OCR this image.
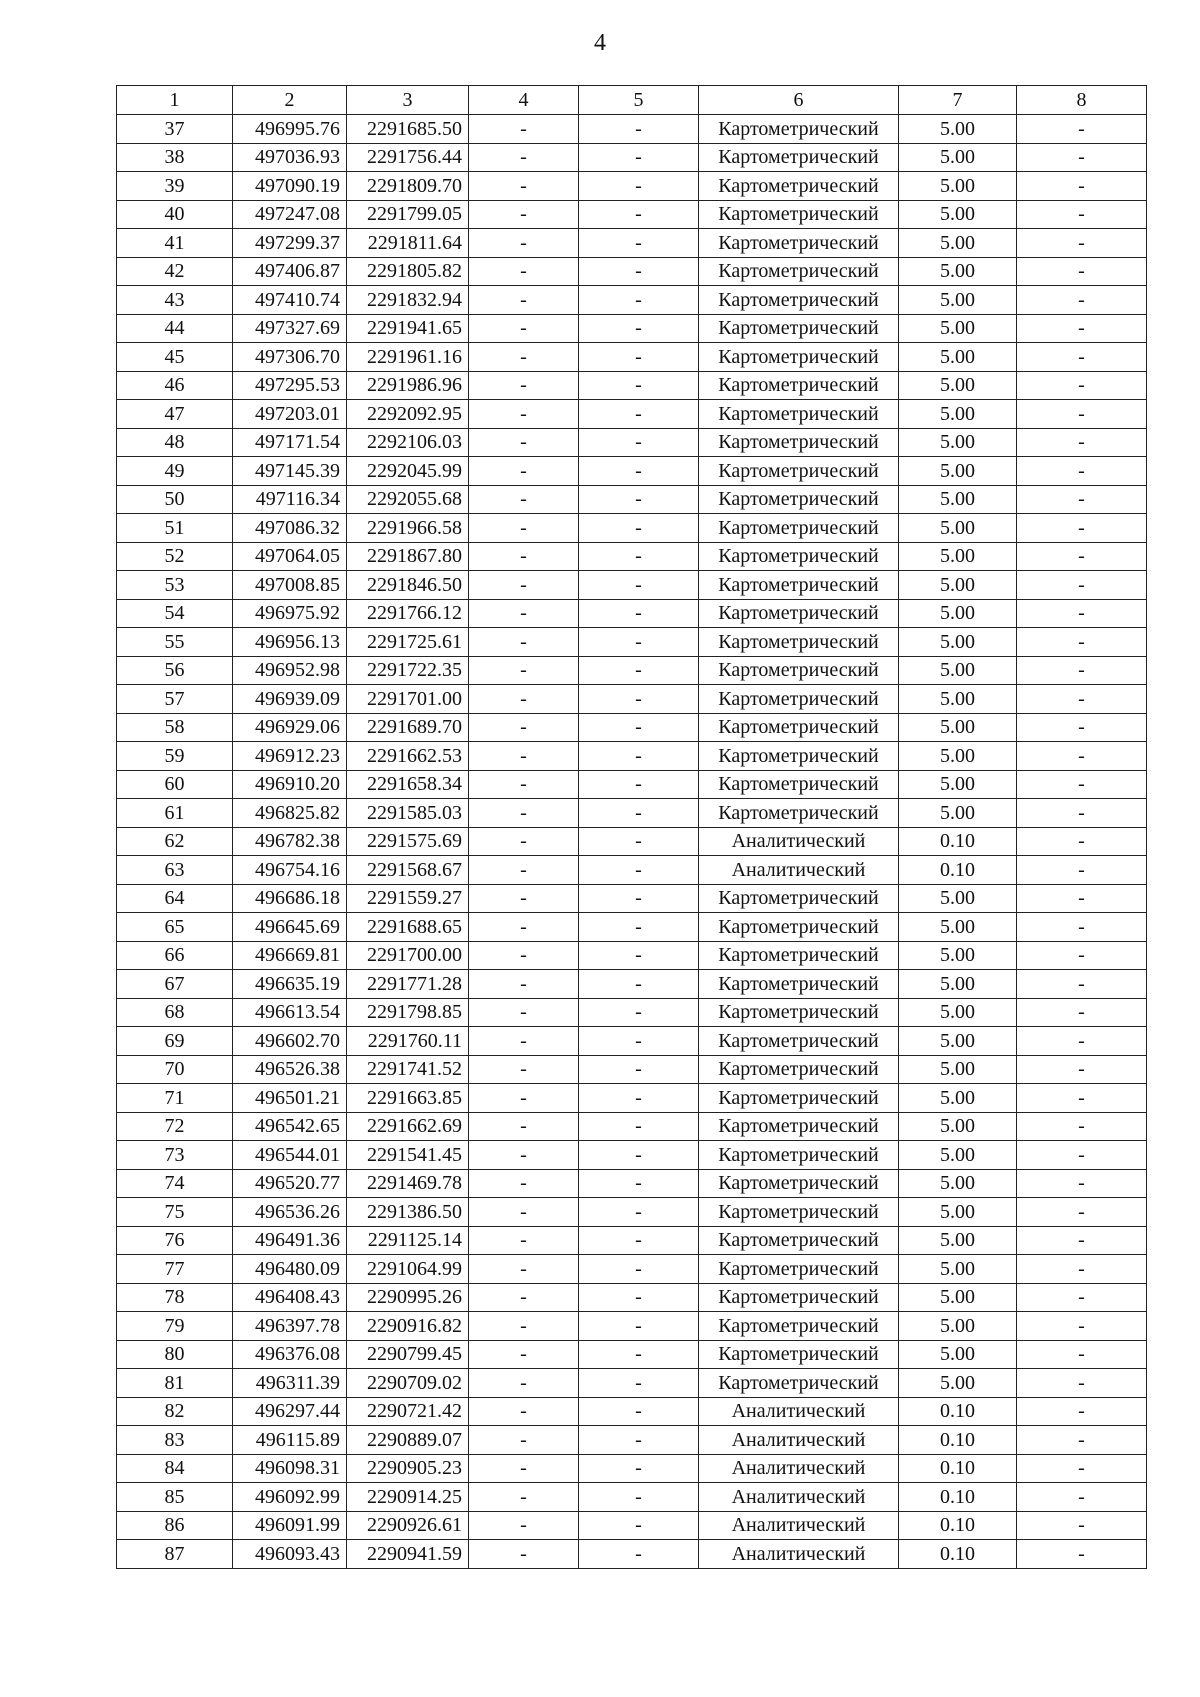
4
1	2	3	4	5	6	7	8
37	496995.76	2291685.50	-	-	Картометрический	5.00	-
38	497036.93	2291756.44	-	-	Картометрический	5.00	-
39	497090.19	2291809.70	-	-	Картометрический	5.00	-
40	497247.08	2291799.05	-	-	Картометрический	5.00	-
41	497299.37	2291811.64	-	-	Картометрический	5.00	-
42	497406.87	2291805.82	-	-	Картометрический	5.00	-
43	497410.74	2291832.94	-	-	Картометрический	5.00	-
44	497327.69	2291941.65	-	-	Картометрический	5.00	-
45	497306.70	2291961.16	-	-	Картометрический	5.00	-
46	497295.53	2291986.96	-	-	Картометрический	5.00	-
47	497203.01	2292092.95	-	-	Картометрический	5.00	-
48	497171.54	2292106.03	-	-	Картометрический	5.00	-
49	497145.39	2292045.99	-	-	Картометрический	5.00	-
50	497116.34	2292055.68	-	-	Картометрический	5.00	-
51	497086.32	2291966.58	-	-	Картометрический	5.00	-
52	497064.05	2291867.80	-	-	Картометрический	5.00	-
53	497008.85	2291846.50	-	-	Картометрический	5.00	-
54	496975.92	2291766.12	-	-	Картометрический	5.00	-
55	496956.13	2291725.61	-	-	Картометрический	5.00	-
56	496952.98	2291722.35	-	-	Картометрический	5.00	-
57	496939.09	2291701.00	-	-	Картометрический	5.00	-
58	496929.06	2291689.70	-	-	Картометрический	5.00	-
59	496912.23	2291662.53	-	-	Картометрический	5.00	-
60	496910.20	2291658.34	-	-	Картометрический	5.00	-
61	496825.82	2291585.03	-	-	Картометрический	5.00	-
62	496782.38	2291575.69	-	-	Аналитический	0.10	-
63	496754.16	2291568.67	-	-	Аналитический	0.10	-
64	496686.18	2291559.27	-	-	Картометрический	5.00	-
65	496645.69	2291688.65	-	-	Картометрический	5.00	-
66	496669.81	2291700.00	-	-	Картометрический	5.00	-
67	496635.19	2291771.28	-	-	Картометрический	5.00	-
68	496613.54	2291798.85	-	-	Картометрический	5.00	-
69	496602.70	2291760.11	-	-	Картометрический	5.00	-
70	496526.38	2291741.52	-	-	Картометрический	5.00	-
71	496501.21	2291663.85	-	-	Картометрический	5.00	-
72	496542.65	2291662.69	-	-	Картометрический	5.00	-
73	496544.01	2291541.45	-	-	Картометрический	5.00	-
74	496520.77	2291469.78	-	-	Картометрический	5.00	-
75	496536.26	2291386.50	-	-	Картометрический	5.00	-
76	496491.36	2291125.14	-	-	Картометрический	5.00	-
77	496480.09	2291064.99	-	-	Картометрический	5.00	-
78	496408.43	2290995.26	-	-	Картометрический	5.00	-
79	496397.78	2290916.82	-	-	Картометрический	5.00	-
80	496376.08	2290799.45	-	-	Картометрический	5.00	-
81	496311.39	2290709.02	-	-	Картометрический	5.00	-
82	496297.44	2290721.42	-	-	Аналитический	0.10	-
83	496115.89	2290889.07	-	-	Аналитический	0.10	-
84	496098.31	2290905.23	-	-	Аналитический	0.10	-
85	496092.99	2290914.25	-	-	Аналитический	0.10	-
86	496091.99	2290926.61	-	-	Аналитический	0.10	-
87	496093.43	2290941.59	-	-	Аналитический	0.10	-
